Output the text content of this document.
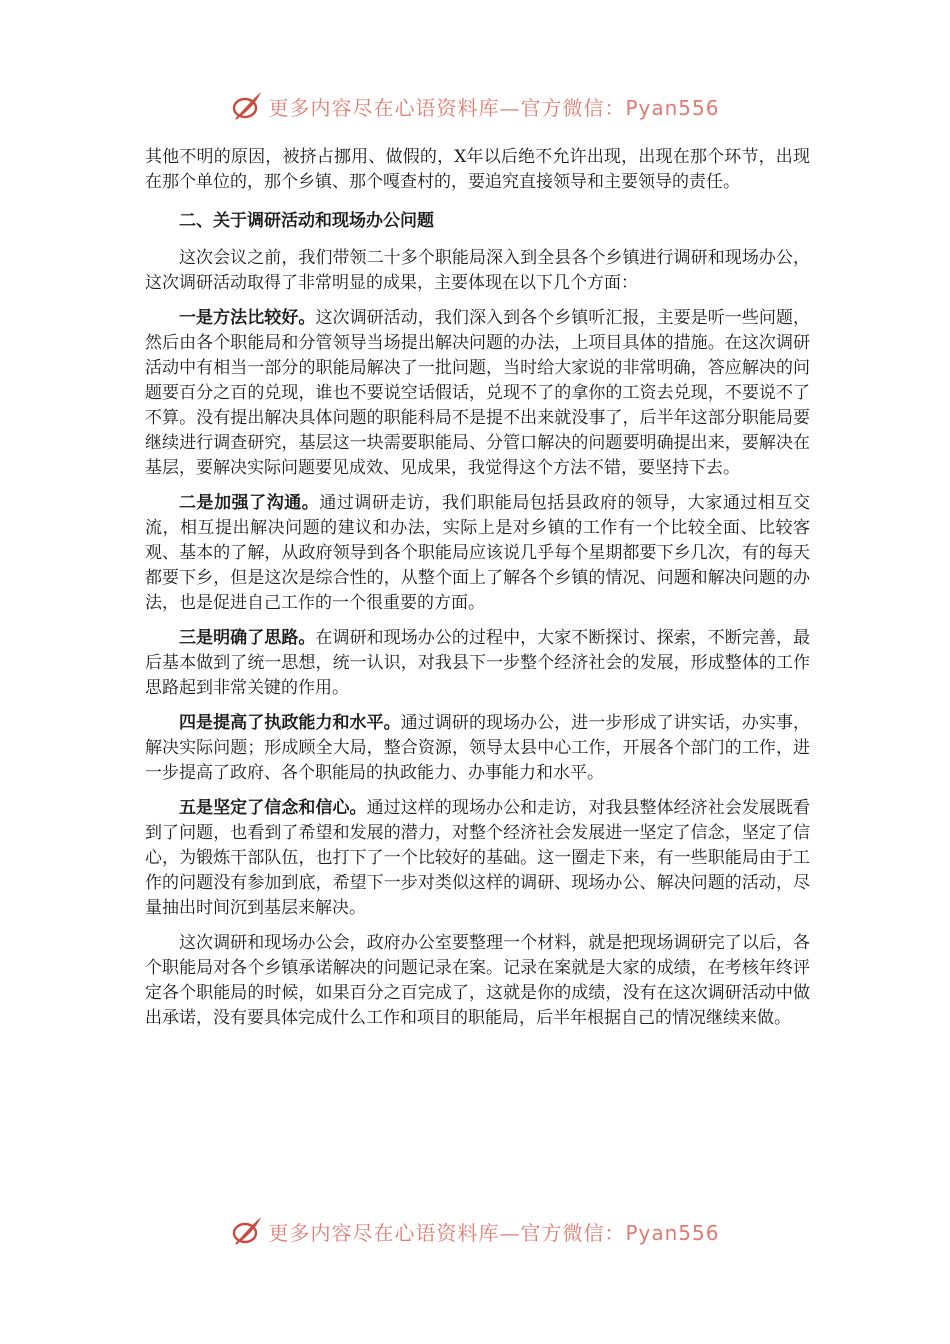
更多内容尽在心语资料库—官方微信：Pyan556

其他不明的原因，被挤占挪用、做假的，X年以后绝不允许出现，出现在那个环节，出现在那个单位的，那个乡镇、那个嘎查村的，要追究直接领导和主要领导的责任。

二、关于调研活动和现场办公问题

这次会议之前，我们带领二十多个职能局深入到全县各个乡镇进行调研和现场办公，这次调研活动取得了非常明显的成果，主要体现在以下几个方面：

一是方法比较好。这次调研活动，我们深入到各个乡镇听汇报，主要是听一些问题，然后由各个职能局和分管领导当场提出解决问题的办法，上项目具体的措施。在这次调研活动中有相当一部分的职能局解决了一批问题，当时给大家说的非常明确，答应解决的问题要百分之百的兑现，谁也不要说空话假话，兑现不了的拿你的工资去兑现，不要说不了不算。没有提出解决具体问题的职能科局不是提不出来就没事了，后半年这部分职能局要继续进行调查研究，基层这一块需要职能局、分管口解决的问题要明确提出来，要解决在基层，要解决实际问题要见成效、见成果，我觉得这个方法不错，要坚持下去。

二是加强了沟通。通过调研走访，我们职能局包括县政府的领导，大家通过相互交流，相互提出解决问题的建议和办法，实际上是对乡镇的工作有一个比较全面、比较客观、基本的了解，从政府领导到各个职能局应该说几乎每个星期都要下乡几次，有的每天都要下乡，但是这次是综合性的，从整个面上了解各个乡镇的情况、问题和解决问题的办法，也是促进自己工作的一个很重要的方面。

三是明确了思路。在调研和现场办公的过程中，大家不断探讨、探索，不断完善，最后基本做到了统一思想，统一认识，对我县下一步整个经济社会的发展，形成整体的工作思路起到非常关键的作用。

四是提高了执政能力和水平。通过调研的现场办公，进一步形成了讲实话，办实事，解决实际问题；形成顾全大局，整合资源，领导太县中心工作，开展各个部门的工作，进一步提高了政府、各个职能局的执政能力、办事能力和水平。

五是坚定了信念和信心。通过这样的现场办公和走访，对我县整体经济社会发展既看到了问题，也看到了希望和发展的潜力，对整个经济社会发展进一坚定了信念，坚定了信心，为锻炼干部队伍，也打下了一个比较好的基础。这一圈走下来，有一些职能局由于工作的问题没有参加到底，希望下一步对类似这样的调研、现场办公、解决问题的活动，尽量抽出时间沉到基层来解决。

这次调研和现场办公会，政府办公室要整理一个材料，就是把现场调研完了以后，各个职能局对各个乡镇承诺解决的问题记录在案。记录在案就是大家的成绩，在考核年终评定各个职能局的时候，如果百分之百完成了，这就是你的成绩，没有在这次调研活动中做出承诺，没有要具体完成什么工作和项目的职能局，后半年根据自己的情况继续来做。

更多内容尽在心语资料库—官方微信：Pyan556
